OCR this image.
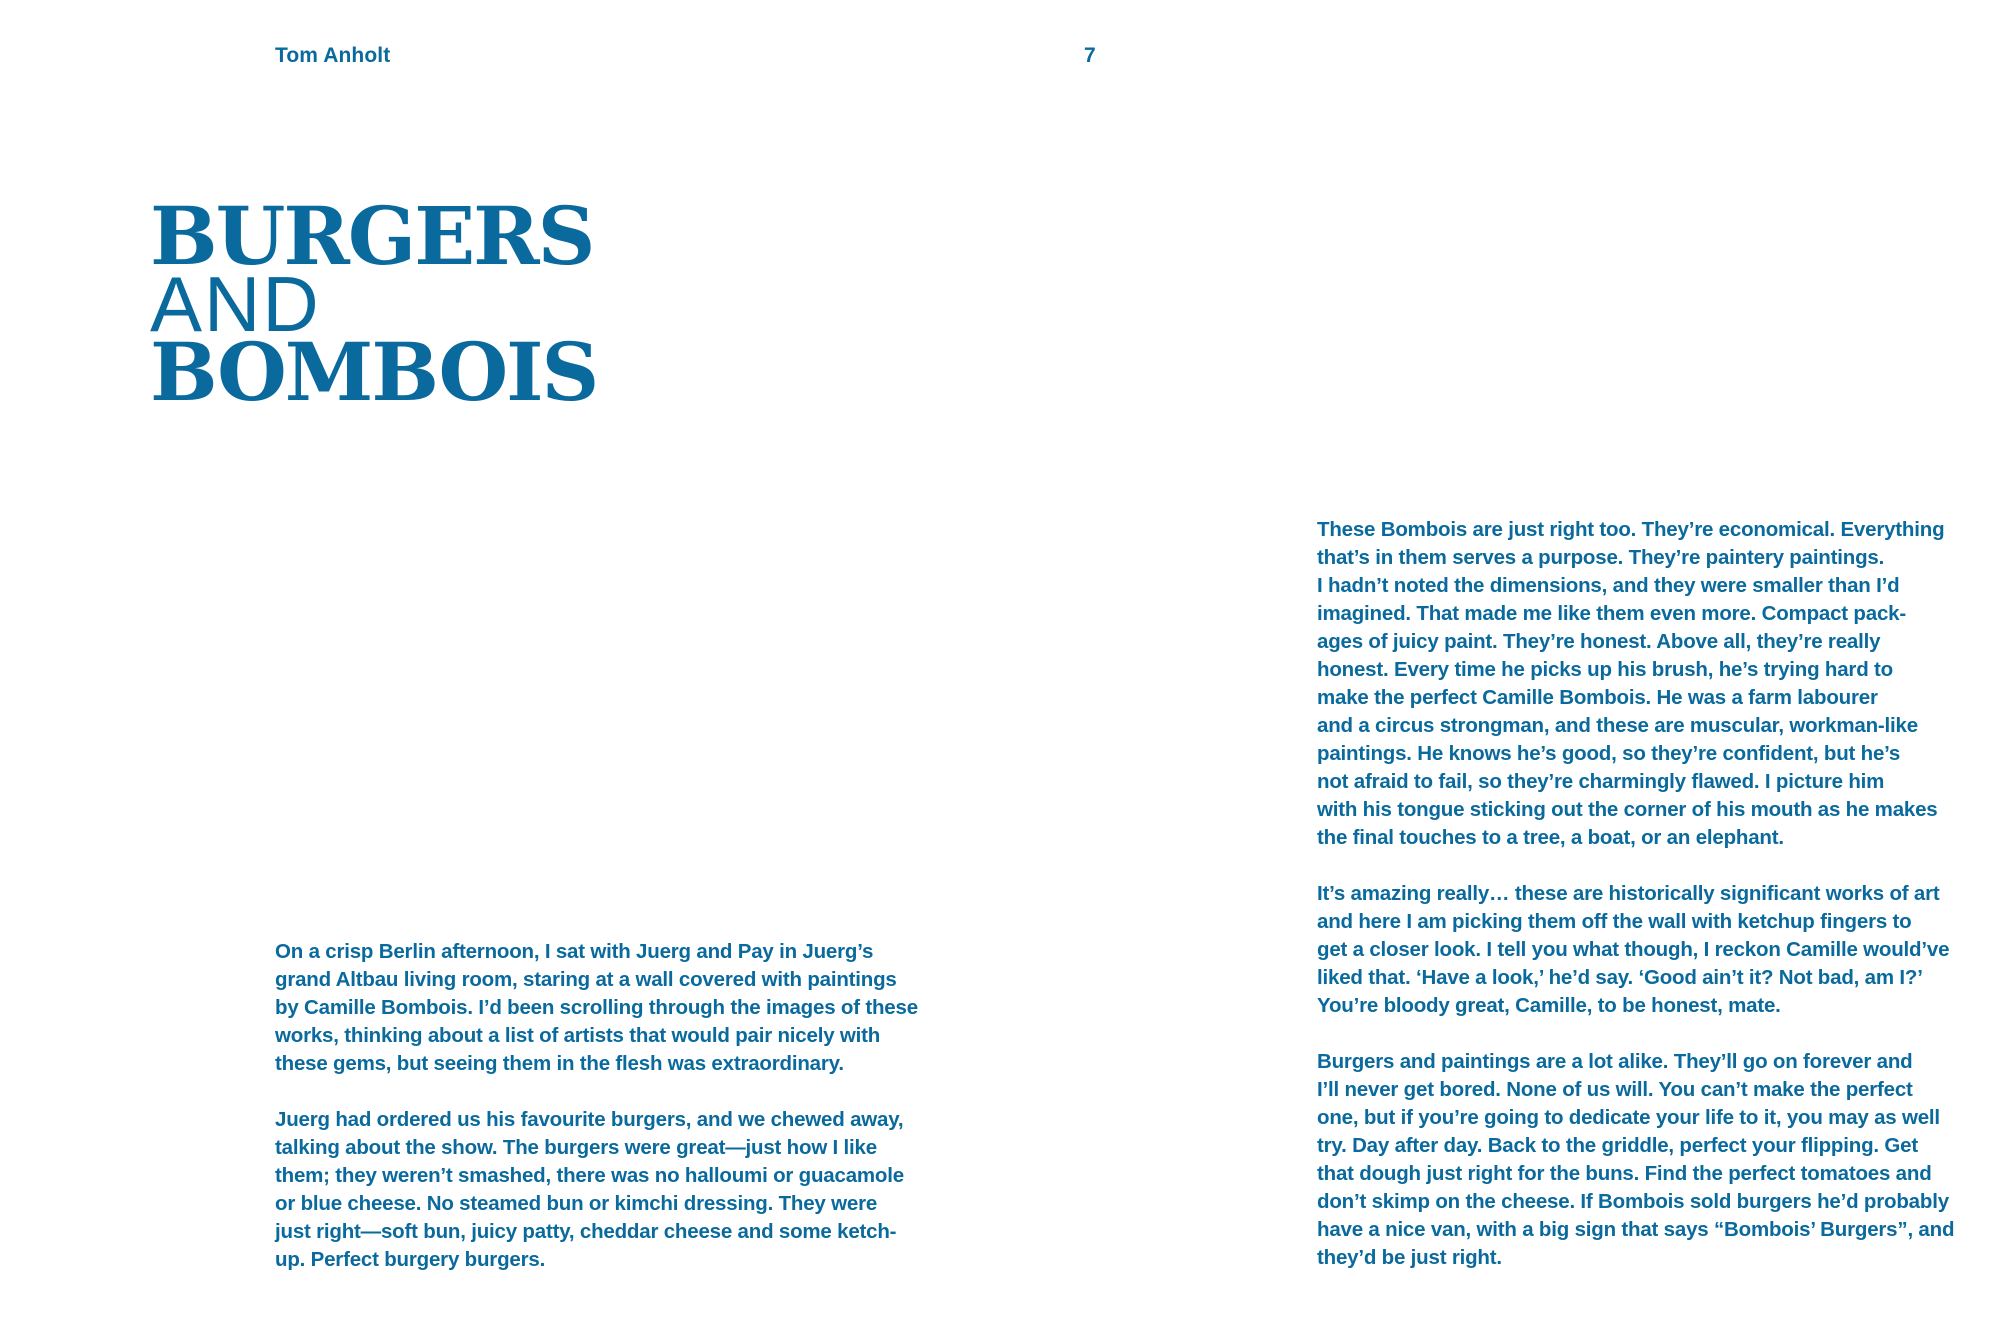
Tom Anholt	7
BURGERS
AND
BOMBOIS

On a crisp Berlin afternoon, I sat with Juerg and Pay in Juerg’s
grand Altbau living room, staring at a wall covered with paintings
by Camille Bombois. I’d been scrolling through the images of these
works, thinking about a list of artists that would pair nicely with
these gems, but seeing them in the flesh was extraordinary.

Juerg had ordered us his favourite burgers, and we chewed away,
talking about the show. The burgers were great—just how I like
them; they weren’t smashed, there was no halloumi or guacamole
or blue cheese. No steamed bun or kimchi dressing. They were
just right—soft bun, juicy patty, cheddar cheese and some ketch-
up. Perfect burgery burgers.

These Bombois are just right too. They’re economical. Everything
that’s in them serves a purpose. They’re paintery paintings.
I hadn’t noted the dimensions, and they were smaller than I’d
imagined. That made me like them even more. Compact pack-
ages of juicy paint. They’re honest. Above all, they’re really
honest. Every time he picks up his brush, he’s trying hard to
make the perfect Camille Bombois. He was a farm labourer
and a circus strongman, and these are muscular, workman-like
paintings. He knows he’s good, so they’re confident, but he’s
not afraid to fail, so they’re charmingly flawed. I picture him
with his tongue sticking out the corner of his mouth as he makes
the final touches to a tree, a boat, or an elephant.

It’s amazing really… these are historically significant works of art
and here I am picking them off the wall with ketchup fingers to
get a closer look. I tell you what though, I reckon Camille would’ve
liked that. ‘Have a look,’ he’d say. ‘Good ain’t it? Not bad, am I?’
You’re bloody great, Camille, to be honest, mate.

Burgers and paintings are a lot alike. They’ll go on forever and
I’ll never get bored. None of us will. You can’t make the perfect
one, but if you’re going to dedicate your life to it, you may as well
try. Day after day. Back to the griddle, perfect your flipping. Get
that dough just right for the buns. Find the perfect tomatoes and
don’t skimp on the cheese. If Bombois sold burgers he’d probably
have a nice van, with a big sign that says “Bombois’ Burgers”, and
they’d be just right.
